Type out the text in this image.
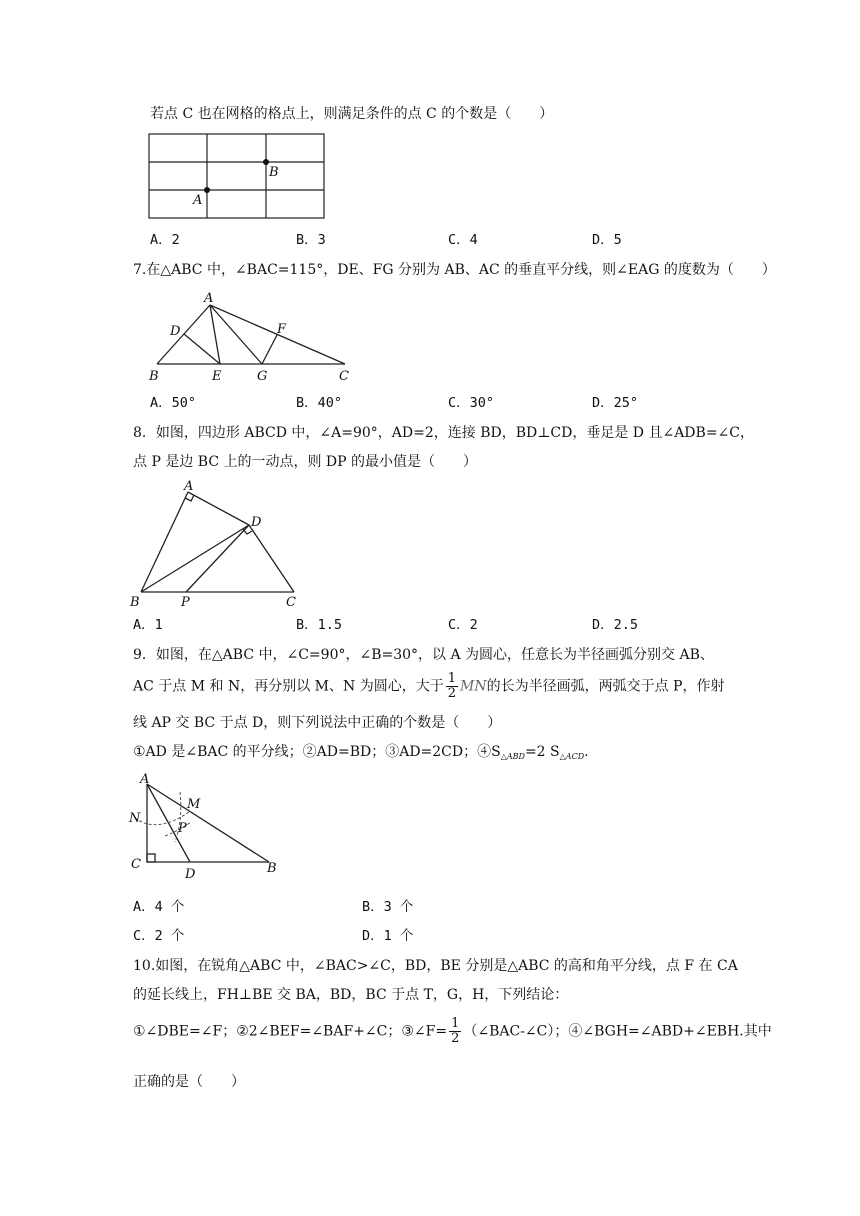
若点 C 也在网格的格点上，则满足条件的点 C 的个数是（　　）
B
A
A．2	B．3	C．4	D．5
7.在△ABC 中，∠BAC=115°，DE、FG 分别为 AB、AC 的垂直平分线，则∠EAG 的度数为（　　）
A
D	F
B	E	G	C
A．50°	B．40°	C．30°	D．25°
8．如图，四边形 ABCD 中，∠A=90°，AD=2，连接 BD，BD⊥CD，垂足是 D 且∠ADB=∠C，
点 P 是边 BC 上的一动点，则 DP 的最小值是（　　）
A
D
B	P	C
A．1	B．1.5	C．2	D．2.5
9．如图，在△ABC 中，∠C=90°，∠B=30°，以 A 为圆心，任意长为半径画弧分别交 AB、
AC 于点 M 和 N，再分别以 M、N 为圆心，大于 $\frac{1}{2}$ MN的长为半径画弧，两弧交于点 P，作射
线 AP 交 BC 于点 D，则下列说法中正确的个数是（　　）
①AD 是∠BAC 的平分线；②AD=BD；③AD=2CD；$④S_{\triangle ABD}=2$ $S_{\triangle ACD}$.
A
M
N
P
C
D	B
A．4 个	B．3 个
C．2 个	D．1 个
10.如图，在锐角△ABC 中，∠BAC>∠C，BD，BE 分别是△ABC 的高和角平分线，点 F 在 CA
的延长线上，FH⊥BE 交 BA，BD，BC 于点 T，G，H，下列结论：
①∠DBE=∠F；②2∠BEF=∠BAF+∠C；③∠F= $\frac{1}{2}$ （∠BAC-∠C）；④∠BGH=∠ABD+∠EBH.其中
正确的是（　　）
